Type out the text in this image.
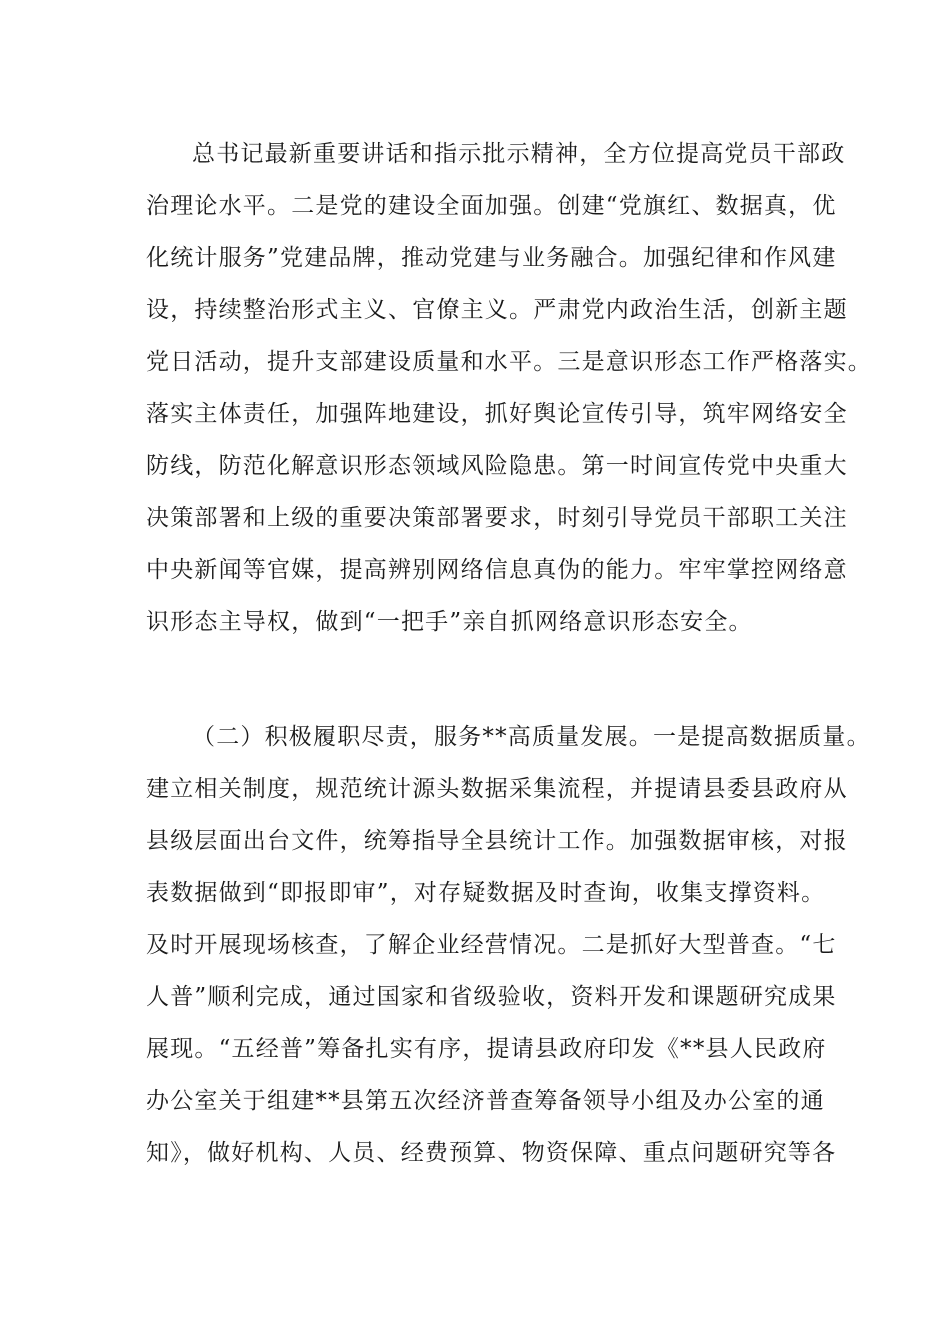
总书记最新重要讲话和指示批示精神，全方位提高党员干部政
治理论水平。二是党的建设全面加强。创建“党旗红、数据真，优
化统计服务”党建品牌，推动党建与业务融合。加强纪律和作风建
设，持续整治形式主义、官僚主义。严肃党内政治生活，创新主题
党日活动，提升支部建设质量和水平。三是意识形态工作严格落实。
落实主体责任，加强阵地建设，抓好舆论宣传引导，筑牢网络安全
防线，防范化解意识形态领域风险隐患。第一时间宣传党中央重大
决策部署和上级的重要决策部署要求，时刻引导党员干部职工关注
中央新闻等官媒，提高辨别网络信息真伪的能力。牢牢掌控网络意
识形态主导权，做到“一把手”亲自抓网络意识形态安全。
（二）积极履职尽责，服务**高质量发展。一是提高数据质量。
建立相关制度，规范统计源头数据采集流程，并提请县委县政府从
县级层面出台文件，统筹指导全县统计工作。加强数据审核，对报
表数据做到“即报即审”，对存疑数据及时查询，收集支撑资料。
及时开展现场核查，了解企业经营情况。二是抓好大型普查。“七
人普”顺利完成，通过国家和省级验收，资料开发和课题研究成果
展现。“五经普”筹备扎实有序，提请县政府印发《**县人民政府
办公室关于组建**县第五次经济普查筹备领导小组及办公室的通
知》，做好机构、人员、经费预算、物资保障、重点问题研究等各
